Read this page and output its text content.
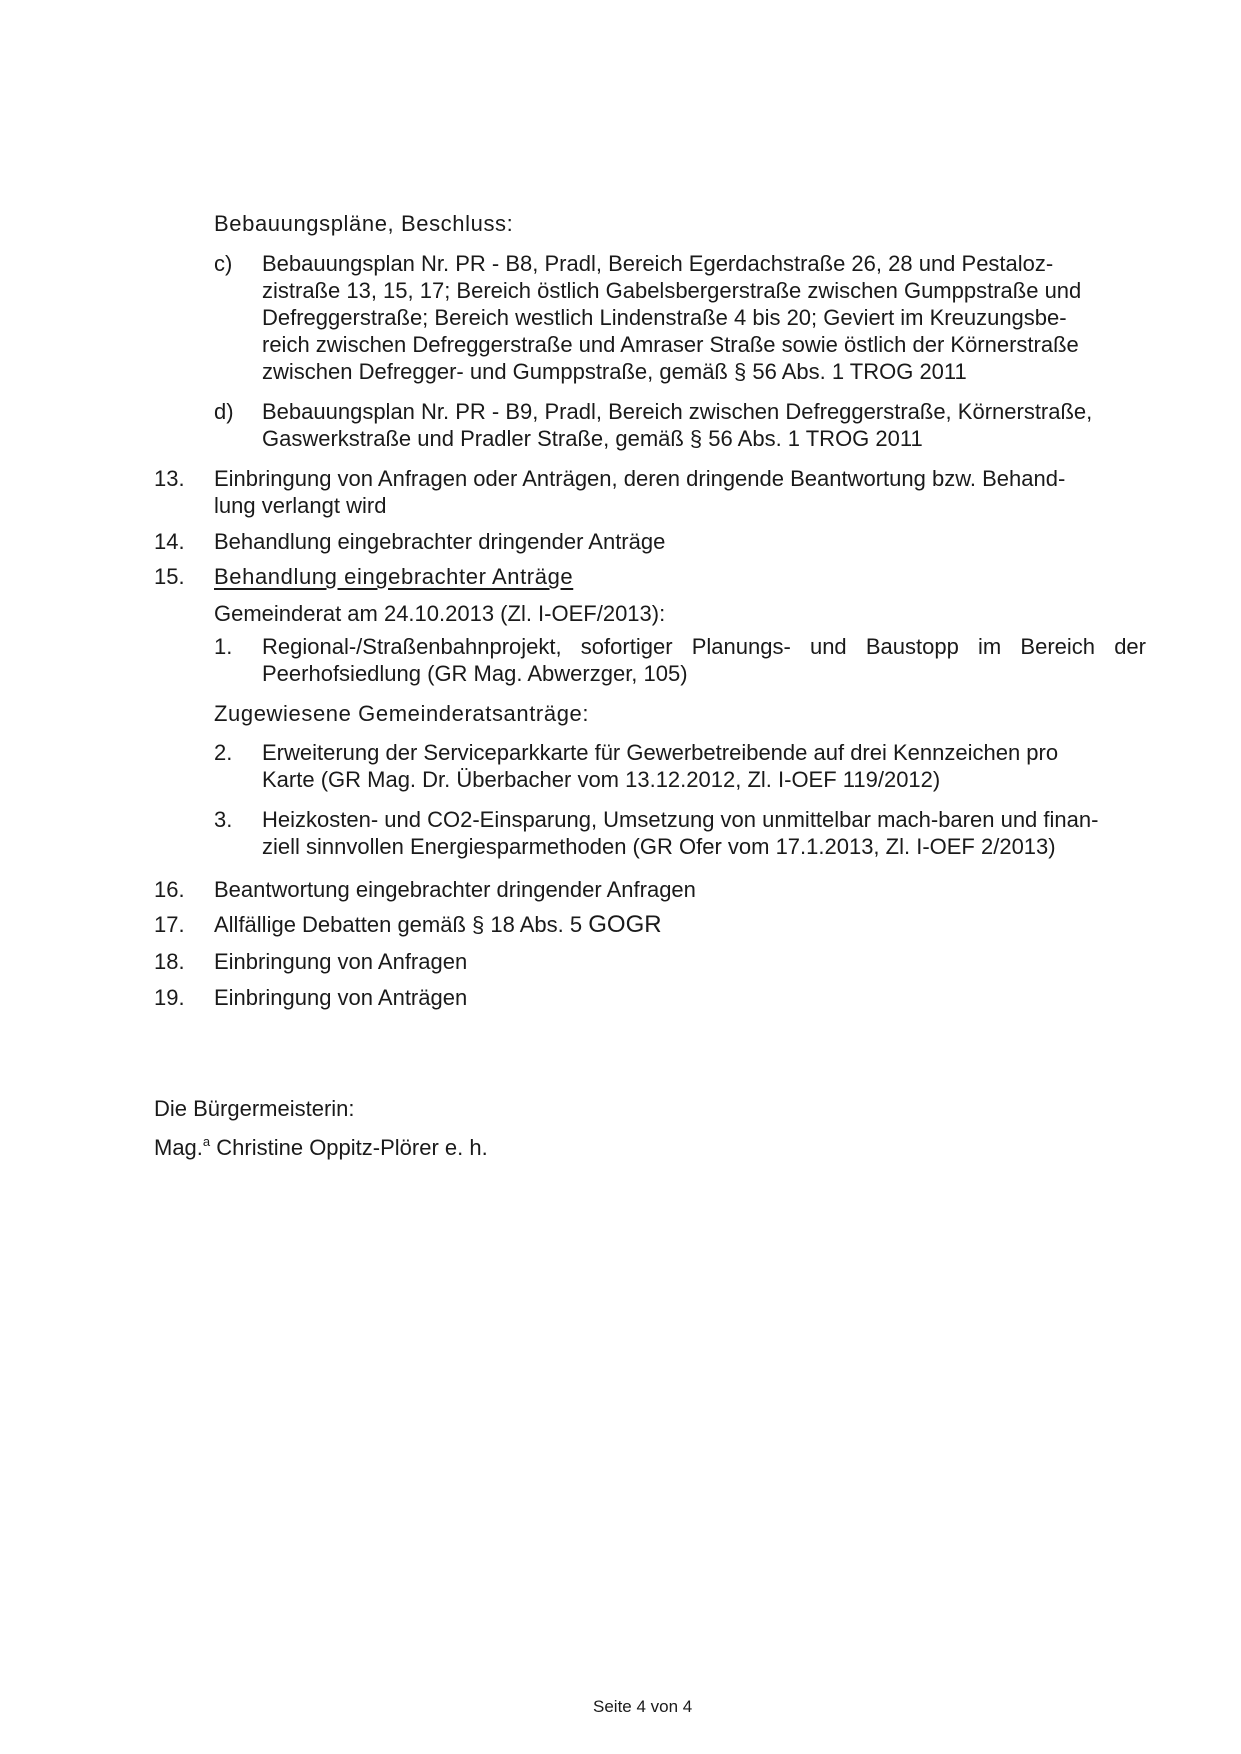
Bebauungspläne, Beschluss:
c) Bebauungsplan Nr. PR - B8, Pradl, Bereich Egerdachstraße 26, 28 und Pestaloz-
zistraße 13, 15, 17; Bereich östlich Gabelsbergerstraße zwischen Gumppstraße und
Defreggerstraße; Bereich westlich Lindenstraße 4 bis 20; Geviert im Kreuzungsbe-
reich zwischen Defreggerstraße und Amraser Straße sowie östlich der Körnerstraße
zwischen Defregger- und Gumppstraße, gemäß § 56 Abs. 1 TROG 2011
d) Bebauungsplan Nr. PR - B9, Pradl, Bereich zwischen Defreggerstraße, Körnerstraße,
Gaswerkstraße und Pradler Straße, gemäß § 56 Abs. 1 TROG 2011
13. Einbringung von Anfragen oder Anträgen, deren dringende Beantwortung bzw. Behand-
lung verlangt wird
14. Behandlung eingebrachter dringender Anträge
15. Behandlung eingebrachter Anträge
Gemeinderat am 24.10.2013 (Zl. I-OEF/2013):
1. Regional-/Straßenbahnprojekt, sofortiger Planungs- und Baustopp im Bereich der Peerhofsiedlung (GR Mag. Abwerzger, 105)
Zugewiesene Gemeinderatsanträge:
2. Erweiterung der Serviceparkkarte für Gewerbetreibende auf drei Kennzeichen pro
Karte (GR Mag. Dr. Überbacher vom 13.12.2012, Zl. I-OEF 119/2012)
3. Heizkosten- und CO2-Einsparung, Umsetzung von unmittelbar mach-baren und finan-
ziell sinnvollen Energiesparmethoden (GR Ofer vom 17.1.2013, Zl. I-OEF 2/2013)
16. Beantwortung eingebrachter dringender Anfragen
17. Allfällige Debatten gemäß § 18 Abs. 5 GOGR
18. Einbringung von Anfragen
19. Einbringung von Anträgen
Die Bürgermeisterin:
Mag.$^a$ Christine Oppitz-Plörer e. h.
Seite 4 von 4
